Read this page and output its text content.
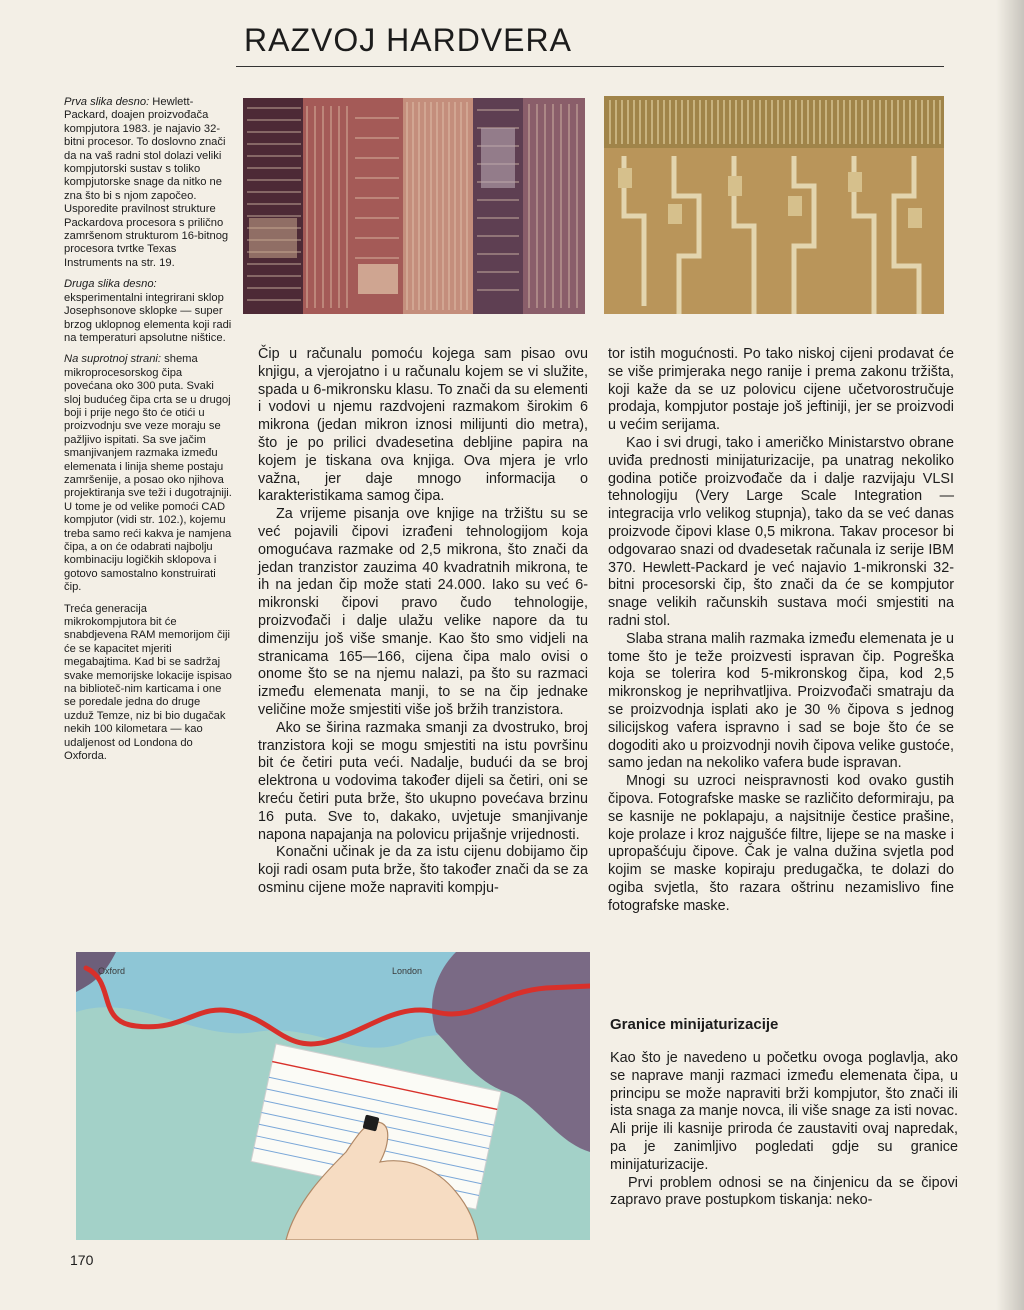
RAZVOJ HARDVERA

Prva slika desno: Hewlett-Packard, doajen proizvođača kompjutora 1983. je najavio 32-bitni procesor. To doslovno znači da na vaš radni stol dolazi veliki kompjutorski sustav s toliko kompjutorske snage da nitko ne zna što bi s njom započeo. Usporedite pravilnost strukture Packardova procesora s prilično zamršenom strukturom 16-bitnog procesora tvrtke Texas Instruments na str. 19.

Druga slika desno: eksperimentalni integrirani sklop Josephsonove sklopke — super brzog uklopnog elementa koji radi na temperaturi apsolutne ništice.

Na suprotnoj strani: shema mikroprocesorskog čipa povećana oko 300 puta. Svaki sloj budućeg čipa crta se u drugoj boji i prije nego što će otići u proizvodnju sve veze moraju se pažljivo ispitati. Sa sve jačim smanjivanjem razmaka između elemenata i linija sheme postaju zamršenije, a posao oko njihova projektiranja sve teži i dugotrajniji. U tome je od velike pomoći CAD kompjutor (vidi str. 102.), kojemu treba samo reći kakva je namjena čipa, a on će odabrati najbolju kombinaciju logičkih sklopova i gotovo samostalno konstruirati čip.

Treća generacija mikrokompjutora bit će snabdjevena RAM memorijom čiji će se kapacitet mjeriti megabajtima. Kad bi se sadržaj svake memorijske lokacije ispisao na biblioteč-nim karticama i one se poredale jedna do druge uzduž Temze, niz bi bio dugačak nekih 100 kilometara — kao udaljenost od Londona do Oxforda.

Čip u računalu pomoću kojega sam pisao ovu knjigu, a vjerojatno i u računalu kojem se vi služite, spada u 6-mikronsku klasu. To znači da su elementi i vodovi u njemu razdvojeni razmakom širokim 6 mikrona (jedan mikron iznosi milijunti dio metra), što je po prilici dvadesetina debljine papira na kojem je tiskana ova knjiga. Ova mjera je vrlo važna, jer daje mnogo informacija o karakteristikama samog čipa.

Za vrijeme pisanja ove knjige na tržištu su se već pojavili čipovi izrađeni tehnologijom koja omogućava razmake od 2,5 mikrona, što znači da jedan tranzistor zauzima 40 kvadratnih mikrona, te ih na jedan čip može stati 24.000. Iako su već 6-mikronski čipovi pravo čudo tehnologije, proizvođači i dalje ulažu velike napore da tu dimenziju još više smanje. Kao što smo vidjeli na stranicama 165—166, cijena čipa malo ovisi o onome što se na njemu nalazi, pa što su razmaci između elemenata manji, to se na čip jednake veličine može smjestiti više još bržih tranzistora.

Ako se širina razmaka smanji za dvostruko, broj tranzistora koji se mogu smjestiti na istu površinu bit će četiri puta veći. Nadalje, budući da se broj elektrona u vodovima također dijeli sa četiri, oni se kreću četiri puta brže, što ukupno povećava brzinu 16 puta. Sve to, dakako, uvjetuje smanjivanje napona napajanja na polovicu prijašnje vrijednosti.

Konačni učinak je da za istu cijenu dobijamo čip koji radi osam puta brže, što također znači da se za osminu cijene može napraviti kompju-

tor istih mogućnosti. Po tako niskoj cijeni prodavat će se više primjeraka nego ranije i prema zakonu tržišta, koji kaže da se uz polovicu cijene učetvorostručuje prodaja, kompjutor postaje još jeftiniji, jer se proizvodi u većim serijama.

Kao i svi drugi, tako i američko Ministarstvo obrane uviđa prednosti minijaturizacije, pa unatrag nekoliko godina potiče proizvođače da i dalje razvijaju VLSI tehnologiju (Very Large Scale Integration — integracija vrlo velikog stupnja), tako da se već danas proizvode čipovi klase 0,5 mikrona. Takav procesor bi odgovarao snazi od dvadesetak računala iz serije IBM 370. Hewlett-Packard je već najavio 1-mikronski 32-bitni procesorski čip, što znači da će se kompjutor snage velikih računskih sustava moći smjestiti na radni stol.

Slaba strana malih razmaka između elemenata je u tome što je teže proizvesti ispravan čip. Pogreška koja se tolerira kod 5-mikronskog čipa, kod 2,5 mikronskog je neprihvatljiva. Proizvođači smatraju da se proizvodnja isplati ako je 30 % čipova s jednog silicijskog vafera ispravno i sad se boje što će se dogoditi ako u proizvodnji novih čipova velike gustoće, samo jedan na nekoliko vafera bude ispravan.

Mnogi su uzroci neispravnosti kod ovako gustih čipova. Fotografske maske se različito deformiraju, pa se kasnije ne poklapaju, a najsitnije čestice prašine, koje prolaze i kroz najgušće filtre, lijepe se na maske i upropašćuju čipove. Čak je valna dužina svjetla pod kojim se maske kopiraju predugačka, te dolazi do ogiba svjetla, što razara oštrinu nezamislivo fine fotografske maske.

Granice minijaturizacije

Kao što je navedeno u početku ovoga poglavlja, ako se naprave manji razmaci između elemenata čipa, u principu se može napraviti brži kompjutor, što znači ili ista snaga za manje novca, ili više snage za isti novac. Ali prije ili kasnije priroda će zaustaviti ovaj napredak, pa je zanimljivo pogledati gdje su granice minijaturizacije.

Prvi problem odnosi se na činjenicu da se čipovi zapravo prave postupkom tiskanja: neko-

Oxford	London
170
